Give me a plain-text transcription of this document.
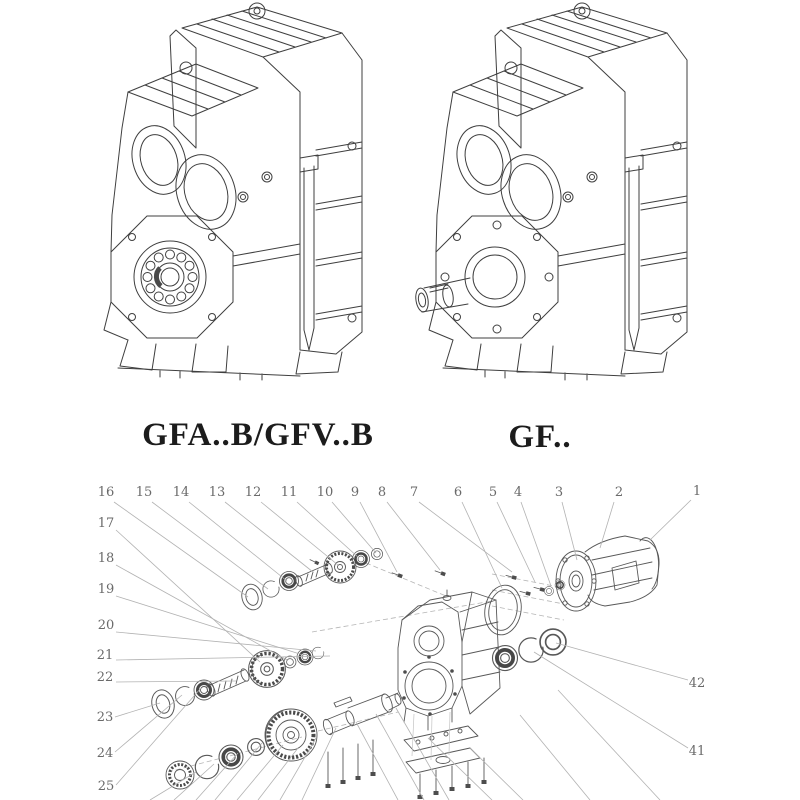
16 15 14 13 12 11 10 9 8 7	6 5 4	3	2	1
17
18
19
20
21
22
23
24
25
42
41
GFA..B/GFV..B	GF..
